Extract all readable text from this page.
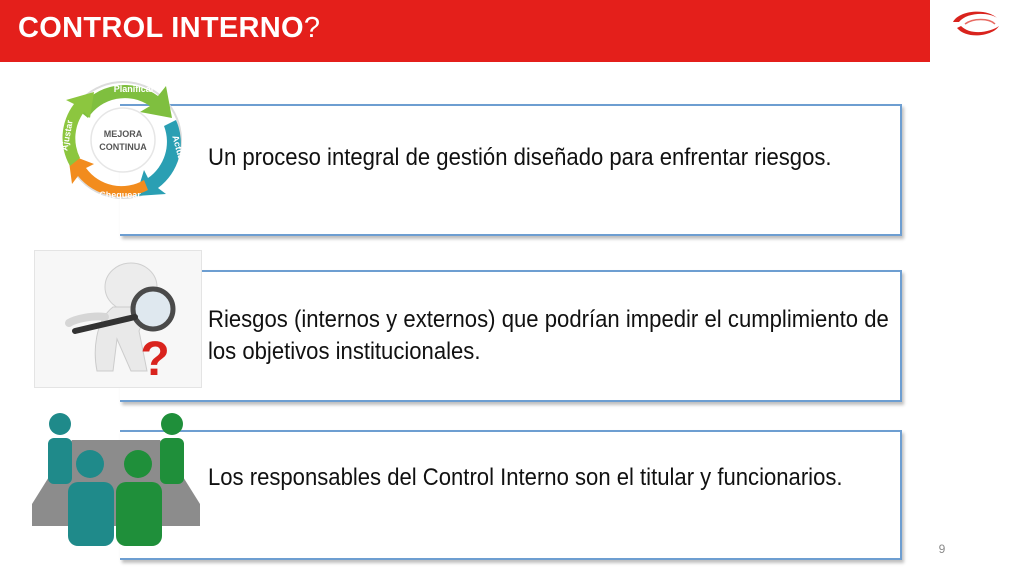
CONTROL INTERNO?
Un proceso integral de gestión diseñado para enfrentar riesgos.
Riesgos (internos y externos) que podrían impedir el cumplimiento de los objetivos institucionales.
Los responsables del Control Interno son el titular y funcionarios.
MEJORA
CONTINUA
Planificar
Actuar
Chequear
Ajustar
?
9
